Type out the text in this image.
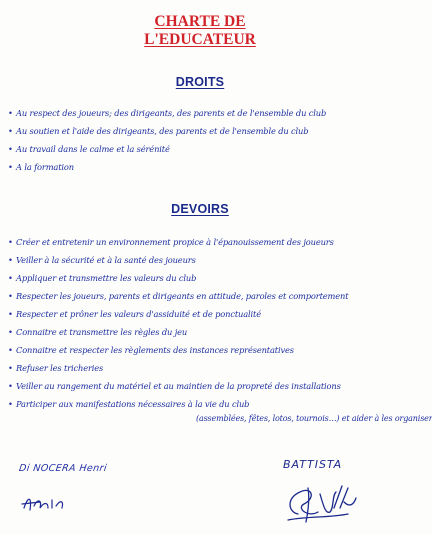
CHARTE DE
L'EDUCATEUR
DROITS
• Au respect des joueurs; des dirigeants, des parents et de l'ensemble du club
• Au soutien et l'aide des dirigeants, des parents et de l'ensemble du club
• Au travail dans le calme et la sérénité
• A la formation
DEVOIRS
• Créer et entretenir un environnement propice à l'épanouissement des joueurs
• Veiller à la sécurité et à la santé des joueurs
• Appliquer et transmettre les valeurs du club
• Respecter les joueurs, parents et dirigeants en attitude, paroles et comportement
• Respecter et prôner les valeurs d'assiduité et de ponctualité
• Connaitre et transmettre les règles du jeu
• Connaitre et respecter les règlements des instances représentatives
• Refuser les tricheries
• Veiller au rangement du matériel et au maintien de la propreté des installations
• Participer aux manifestations nécessaires à la vie du club
(assemblées, fêtes, lotos, tournois…) et aider à les organiser
Di NOCERA Henri	BATTISTA
